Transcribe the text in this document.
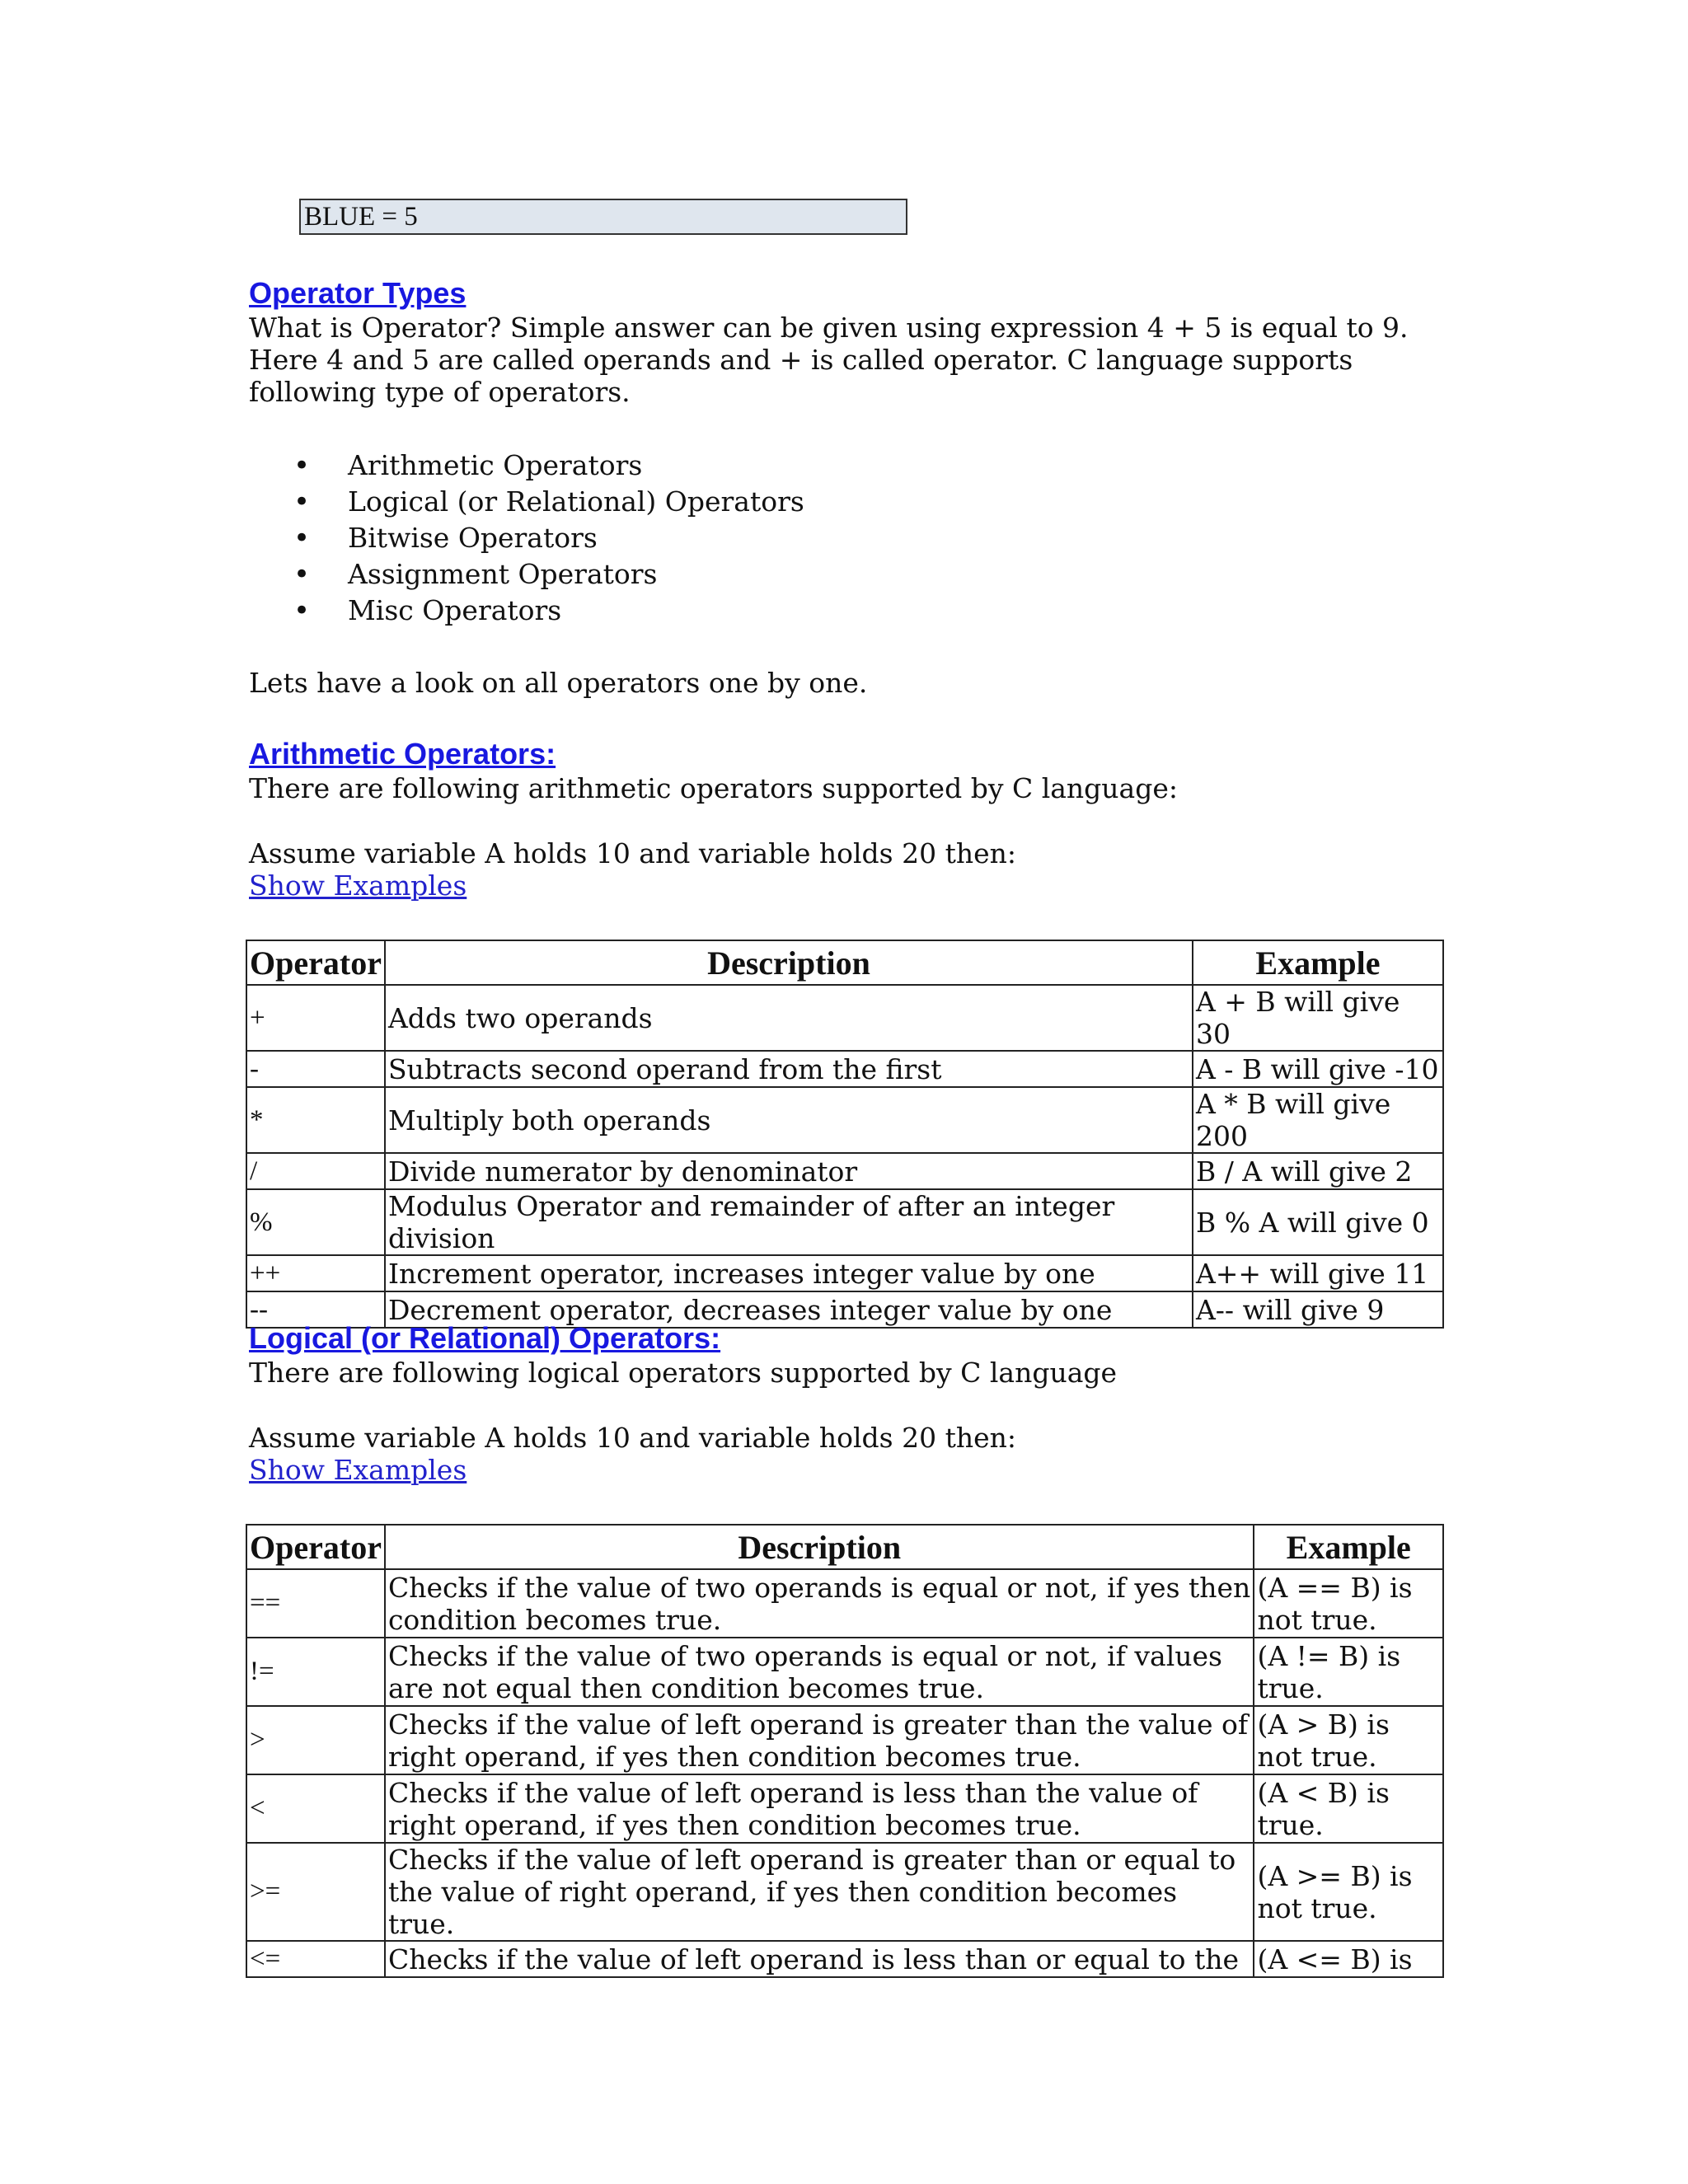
BLUE = 5
Operator Types

What is Operator? Simple answer can be given using expression 4 + 5 is equal to 9. Here 4 and 5 are called operands and + is called operator. C language supports following type of operators.

• Arithmetic Operators
• Logical (or Relational) Operators
• Bitwise Operators
• Assignment Operators
• Misc Operators

Lets have a look on all operators one by one.

Arithmetic Operators:

There are following arithmetic operators supported by C language:

Assume variable A holds 10 and variable holds 20 then:

Show Examples

Operator	Description	Example
+	Adds two operands	A + B will give 30
-	Subtracts second operand from the first	A - B will give -10
*	Multiply both operands	A * B will give 200
/	Divide numerator by denominator	B / A will give 2
%	Modulus Operator and remainder of after an integer division	B % A will give 0
++	Increment operator, increases integer value by one	A++ will give 11
--	Decrement operator, decreases integer value by one	A-- will give 9
Logical (or Relational) Operators:

There are following logical operators supported by C language

Assume variable A holds 10 and variable holds 20 then:

Show Examples

Operator	Description	Example
==	Checks if the value of two operands is equal or not, if yes then condition becomes true.	(A == B) is not true.
!=	Checks if the value of two operands is equal or not, if values are not equal then condition becomes true.	(A != B) is true.
>	Checks if the value of left operand is greater than the value of right operand, if yes then condition becomes true.	(A > B) is not true.
<	Checks if the value of left operand is less than the value of right operand, if yes then condition becomes true.	(A < B) is true.
>=	Checks if the value of left operand is greater than or equal to the value of right operand, if yes then condition becomes true.	(A >= B) is not true.
<=	Checks if the value of left operand is less than or equal to the	(A <= B) is
